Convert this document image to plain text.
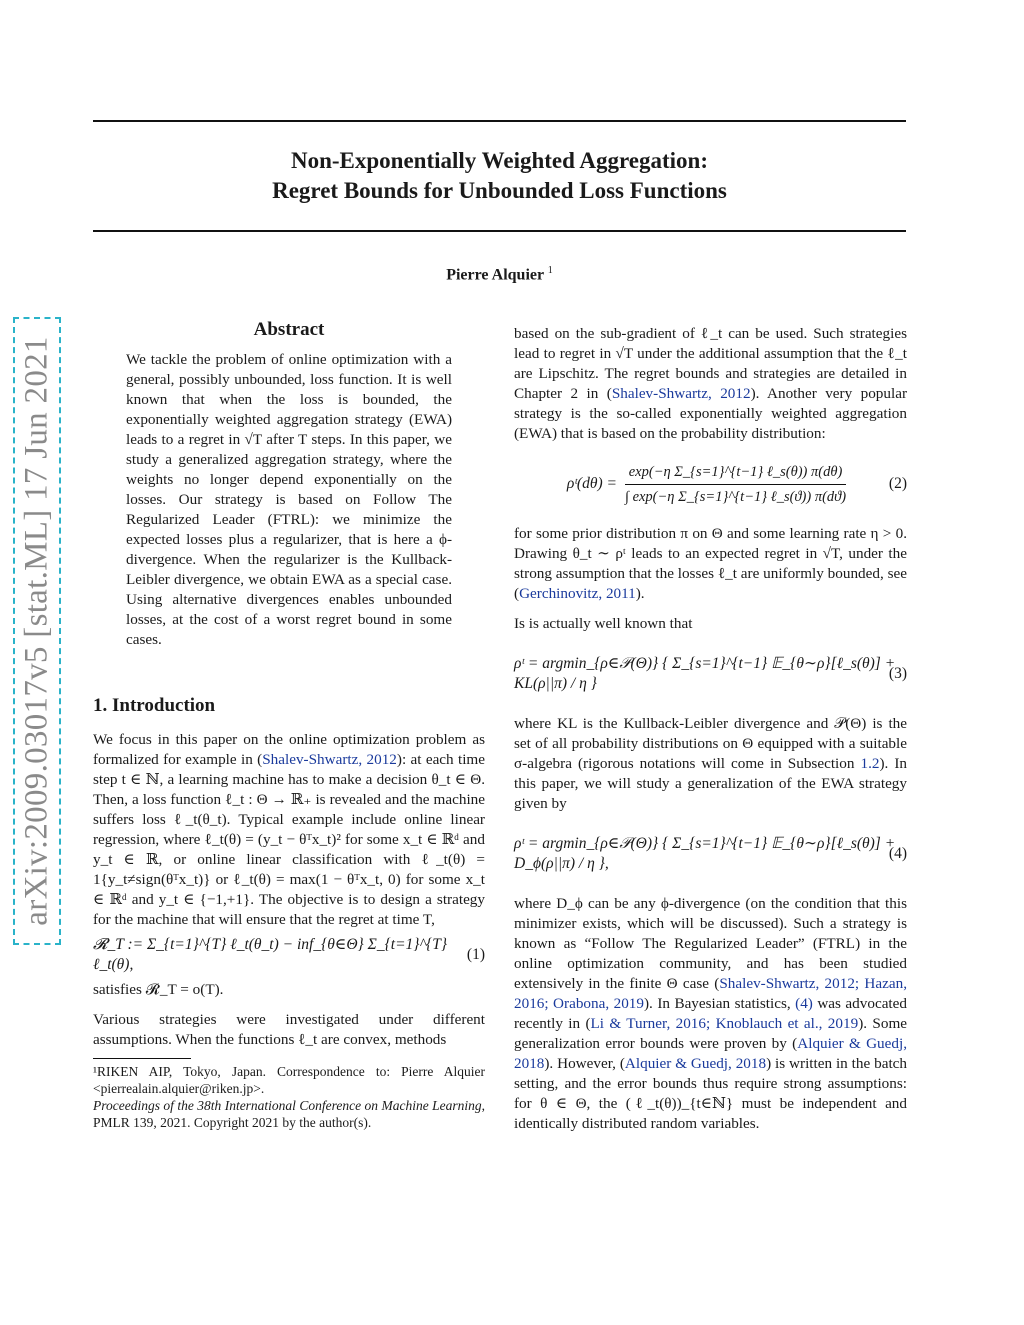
Non-Exponentially Weighted Aggregation:
Regret Bounds for Unbounded Loss Functions
Pierre Alquier $^1$
arXiv:2009.03017v5 [stat.ML] 17 Jun 2021
Abstract

We tackle the problem of online optimization with a general, possibly unbounded, loss function. It is well known that when the loss is bounded, the exponentially weighted aggregation strategy (EWA) leads to a regret in √T after T steps. In this paper, we study a generalized aggregation strategy, where the weights no longer depend exponentially on the losses. Our strategy is based on Follow The Regularized Leader (FTRL): we minimize the expected losses plus a regularizer, that is here a ϕ-divergence. When the regularizer is the Kullback-Leibler divergence, we obtain EWA as a special case. Using alternative divergences enables unbounded losses, at the cost of a worst regret bound in some cases.

1. Introduction

We focus in this paper on the online optimization problem as formalized for example in (Shalev-Shwartz, 2012): at each time step t ∈ ℕ, a learning machine has to make a decision θ_t ∈ Θ. Then, a loss function ℓ_t : Θ → ℝ₊ is revealed and the machine suffers loss ℓ_t(θ_t). Typical example include online linear regression, where ℓ_t(θ) = (y_t − θᵀx_t)² for some x_t ∈ ℝᵈ and y_t ∈ ℝ, or online linear classification with ℓ_t(θ) = 1{y_t≠sign(θᵀx_t)} or ℓ_t(θ) = max(1 − θᵀx_t, 0) for some x_t ∈ ℝᵈ and y_t ∈ {−1,+1}. The objective is to design a strategy for the machine that will ensure that the regret at time T,

𝓡_T := Σ_{t=1}^{T} ℓ_t(θ_t) − inf_{θ∈Θ} Σ_{t=1}^{T} ℓ_t(θ),
(1)

satisfies 𝓡_T = o(T).

Various strategies were investigated under different assumptions. When the functions ℓ_t are convex, methods

¹RIKEN AIP, Tokyo, Japan. Correspondence to: Pierre Alquier <pierrealain.alquier@riken.jp>.

Proceedings of the 38th International Conference on Machine Learning, PMLR 139, 2021. Copyright 2021 by the author(s).

based on the sub-gradient of ℓ_t can be used. Such strategies lead to regret in √T under the additional assumption that the ℓ_t are Lipschitz. The regret bounds and strategies are detailed in Chapter 2 in (Shalev-Shwartz, 2012). Another very popular strategy is the so-called exponentially weighted aggregation (EWA) that is based on the probability distribution:

ρᵗ(dθ) = $\frac{\text{exp(−η Σ\_\{s=1\}\textasciicircum{}\{t−1\} ℓ\_s(θ)) π(dθ)}}{\text{∫ exp(−η Σ\_\{s=1\}\textasciicircum{}\{t−1\} ℓ\_s(ϑ)) π(dϑ)}}$	(2)

for some prior distribution π on Θ and some learning rate η > 0. Drawing θ_t ∼ ρᵗ leads to an expected regret in √T, under the strong assumption that the losses ℓ_t are uniformly bounded, see (Gerchinovitz, 2011).

Is is actually well known that

ρᵗ = argmin_{ρ∈𝒫(Θ)} { Σ_{s=1}^{t−1} 𝔼_{θ∼ρ}[ℓ_s(θ)] + KL(ρ||π) / η }
(3)

where KL is the Kullback-Leibler divergence and 𝒫(Θ) is the set of all probability distributions on Θ equipped with a suitable σ-algebra (rigorous notations will come in Subsection 1.2). In this paper, we will study a generalization of the EWA strategy given by

ρᵗ = argmin_{ρ∈𝒫(Θ)} { Σ_{s=1}^{t−1} 𝔼_{θ∼ρ}[ℓ_s(θ)] + D_ϕ(ρ||π) / η },
(4)

where D_ϕ can be any ϕ-divergence (on the condition that this minimizer exists, which will be discussed). Such a strategy is known as “Follow The Regularized Leader” (FTRL) in the online optimization community, and has been studied extensively in the finite Θ case (Shalev-Shwartz, 2012; Hazan, 2016; Orabona, 2019). In Bayesian statistics, (4) was advocated recently in (Li & Turner, 2016; Knoblauch et al., 2019). Some generalization error bounds were proven by (Alquier & Guedj, 2018). However, (Alquier & Guedj, 2018) is written in the batch setting, and the error bounds thus require strong assumptions: for θ ∈ Θ, the (ℓ_t(θ))_{t∈ℕ} must be independent and identically distributed random variables.
